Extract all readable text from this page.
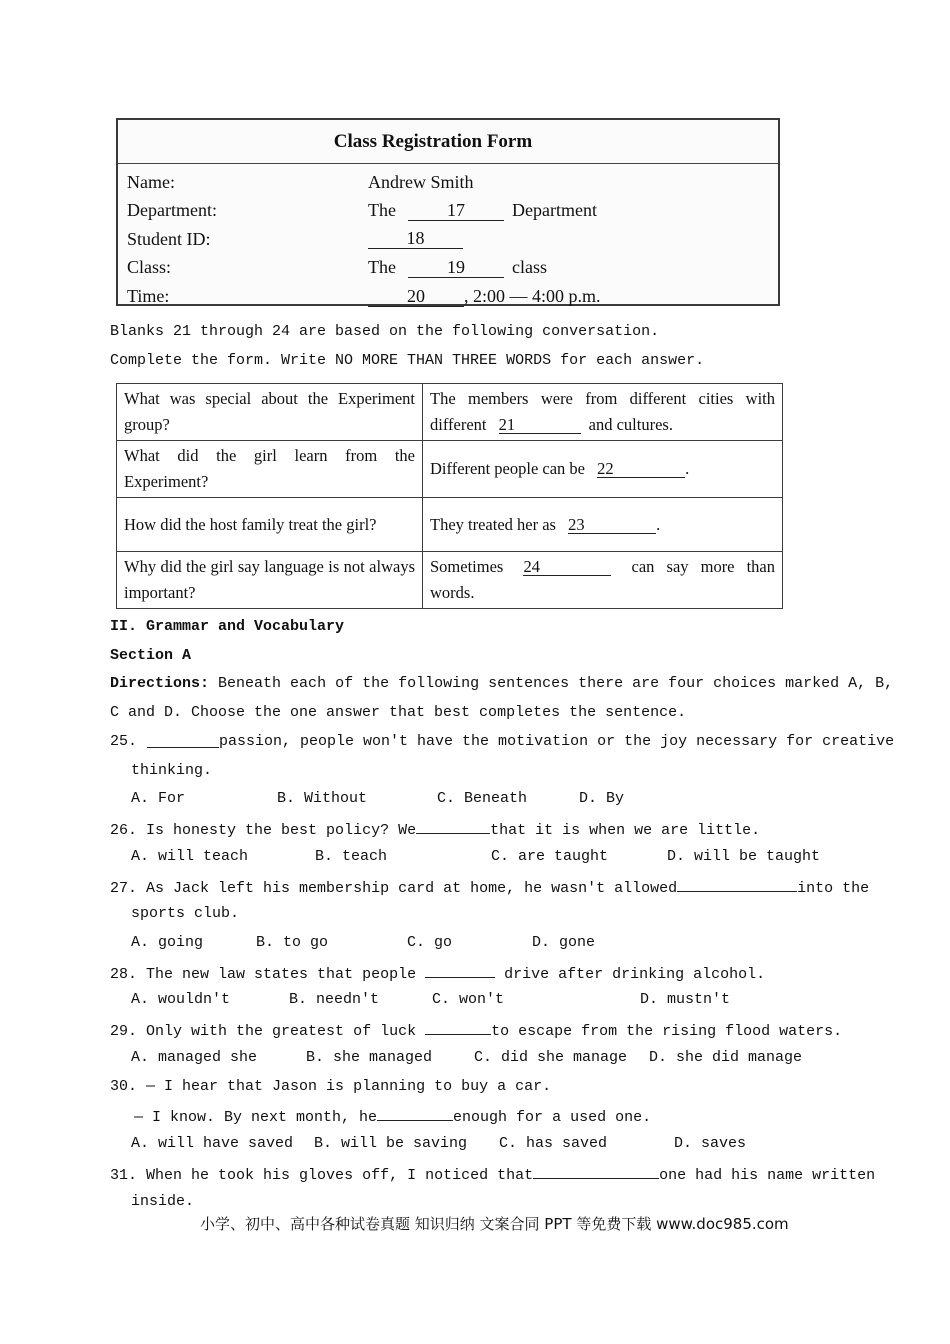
Class Registration Form
Name:	Andrew Smith
Department:	The	17	Department
Student ID:	18
Class:	The	19	class
Time:	20	, 2:00 — 4:00 p.m.
Blanks 21 through 24 are based on the following conversation.
Complete the form. Write NO MORE THAN THREE WORDS for each answer.
What was special about the Experiment group?	The members were from different cities with different 21 and cultures.
What did the girl learn from the Experiment?	Different people can be 22 .
How did the host family treat the girl?	They treated her as 23 .
Why did the girl say language is not always important?	Sometimes 24 can say more than words.
II. Grammar and Vocabulary
Section A
Directions: Beneath each of the following sentences there are four choices marked A, B,
C and D. Choose the one answer that best completes the sentence.
25.	passion, people won't have the motivation or the joy necessary for creative
thinking.
A. For	B. Without	C. Beneath	D. By
26. Is honesty the best policy? We	that it is when we are little.
A. will teach	B. teach	C. are taught	D. will be taught
27. As Jack left his membership card at home, he wasn't allowed	into the
sports club.
A. going	B. to go	C. go	D. gone
28. The new law states that people	drive after drinking alcohol.
A. wouldn't	B. needn't	C. won't	D. mustn't
29. Only with the greatest of luck	to escape from the rising flood waters.
A. managed she	B. she managed	C. did she manage D. she did manage
30. — I hear that Jason is planning to buy a car.
— I know. By next month, he	enough for a used one.
A. will have saved B. will be saving C. has saved	D. saves
31. When he took his gloves off, I noticed that	one had his name written
inside.
小学、初中、高中各种试卷真题 知识归纳 文案合同 PPT 等免费下载 www.doc985.com
